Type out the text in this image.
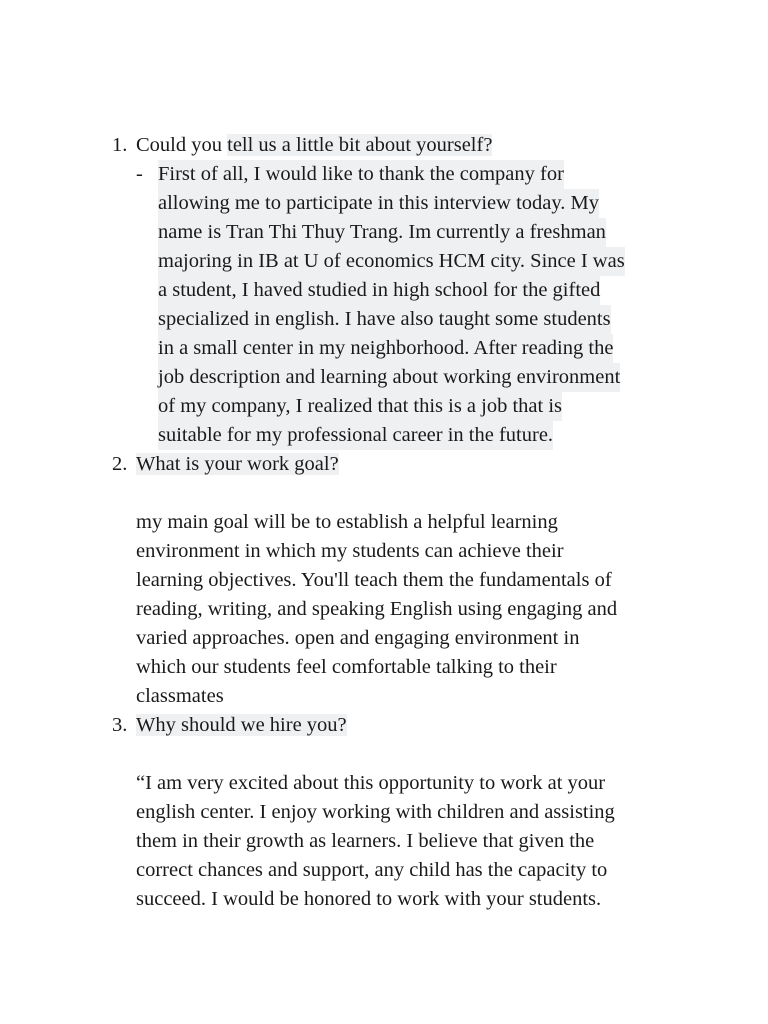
1. Could you tell us a little bit about yourself?
- First of all, I would like to thank the company for
allowing me to participate in this interview today. My
name is Tran Thi Thuy Trang. Im currently a freshman
majoring in IB at U of economics HCM city. Since I was
a student, I haved studied in high school for the gifted
specialized in english. I have also taught some students
in a small center in my neighborhood. After reading the
job description and learning about working environment
of my company, I realized that this is a job that is
suitable for my professional career in the future.
2. What is your work goal?
my main goal will be to establish a helpful learning
environment in which my students can achieve their
learning objectives. You'll teach them the fundamentals of
reading, writing, and speaking English using engaging and
varied approaches. open and engaging environment in
which our students feel comfortable talking to their
classmates
3. Why should we hire you?
“I am very excited about this opportunity to work at your
english center. I enjoy working with children and assisting
them in their growth as learners. I believe that given the
correct chances and support, any child has the capacity to
succeed. I would be honored to work with your students.
